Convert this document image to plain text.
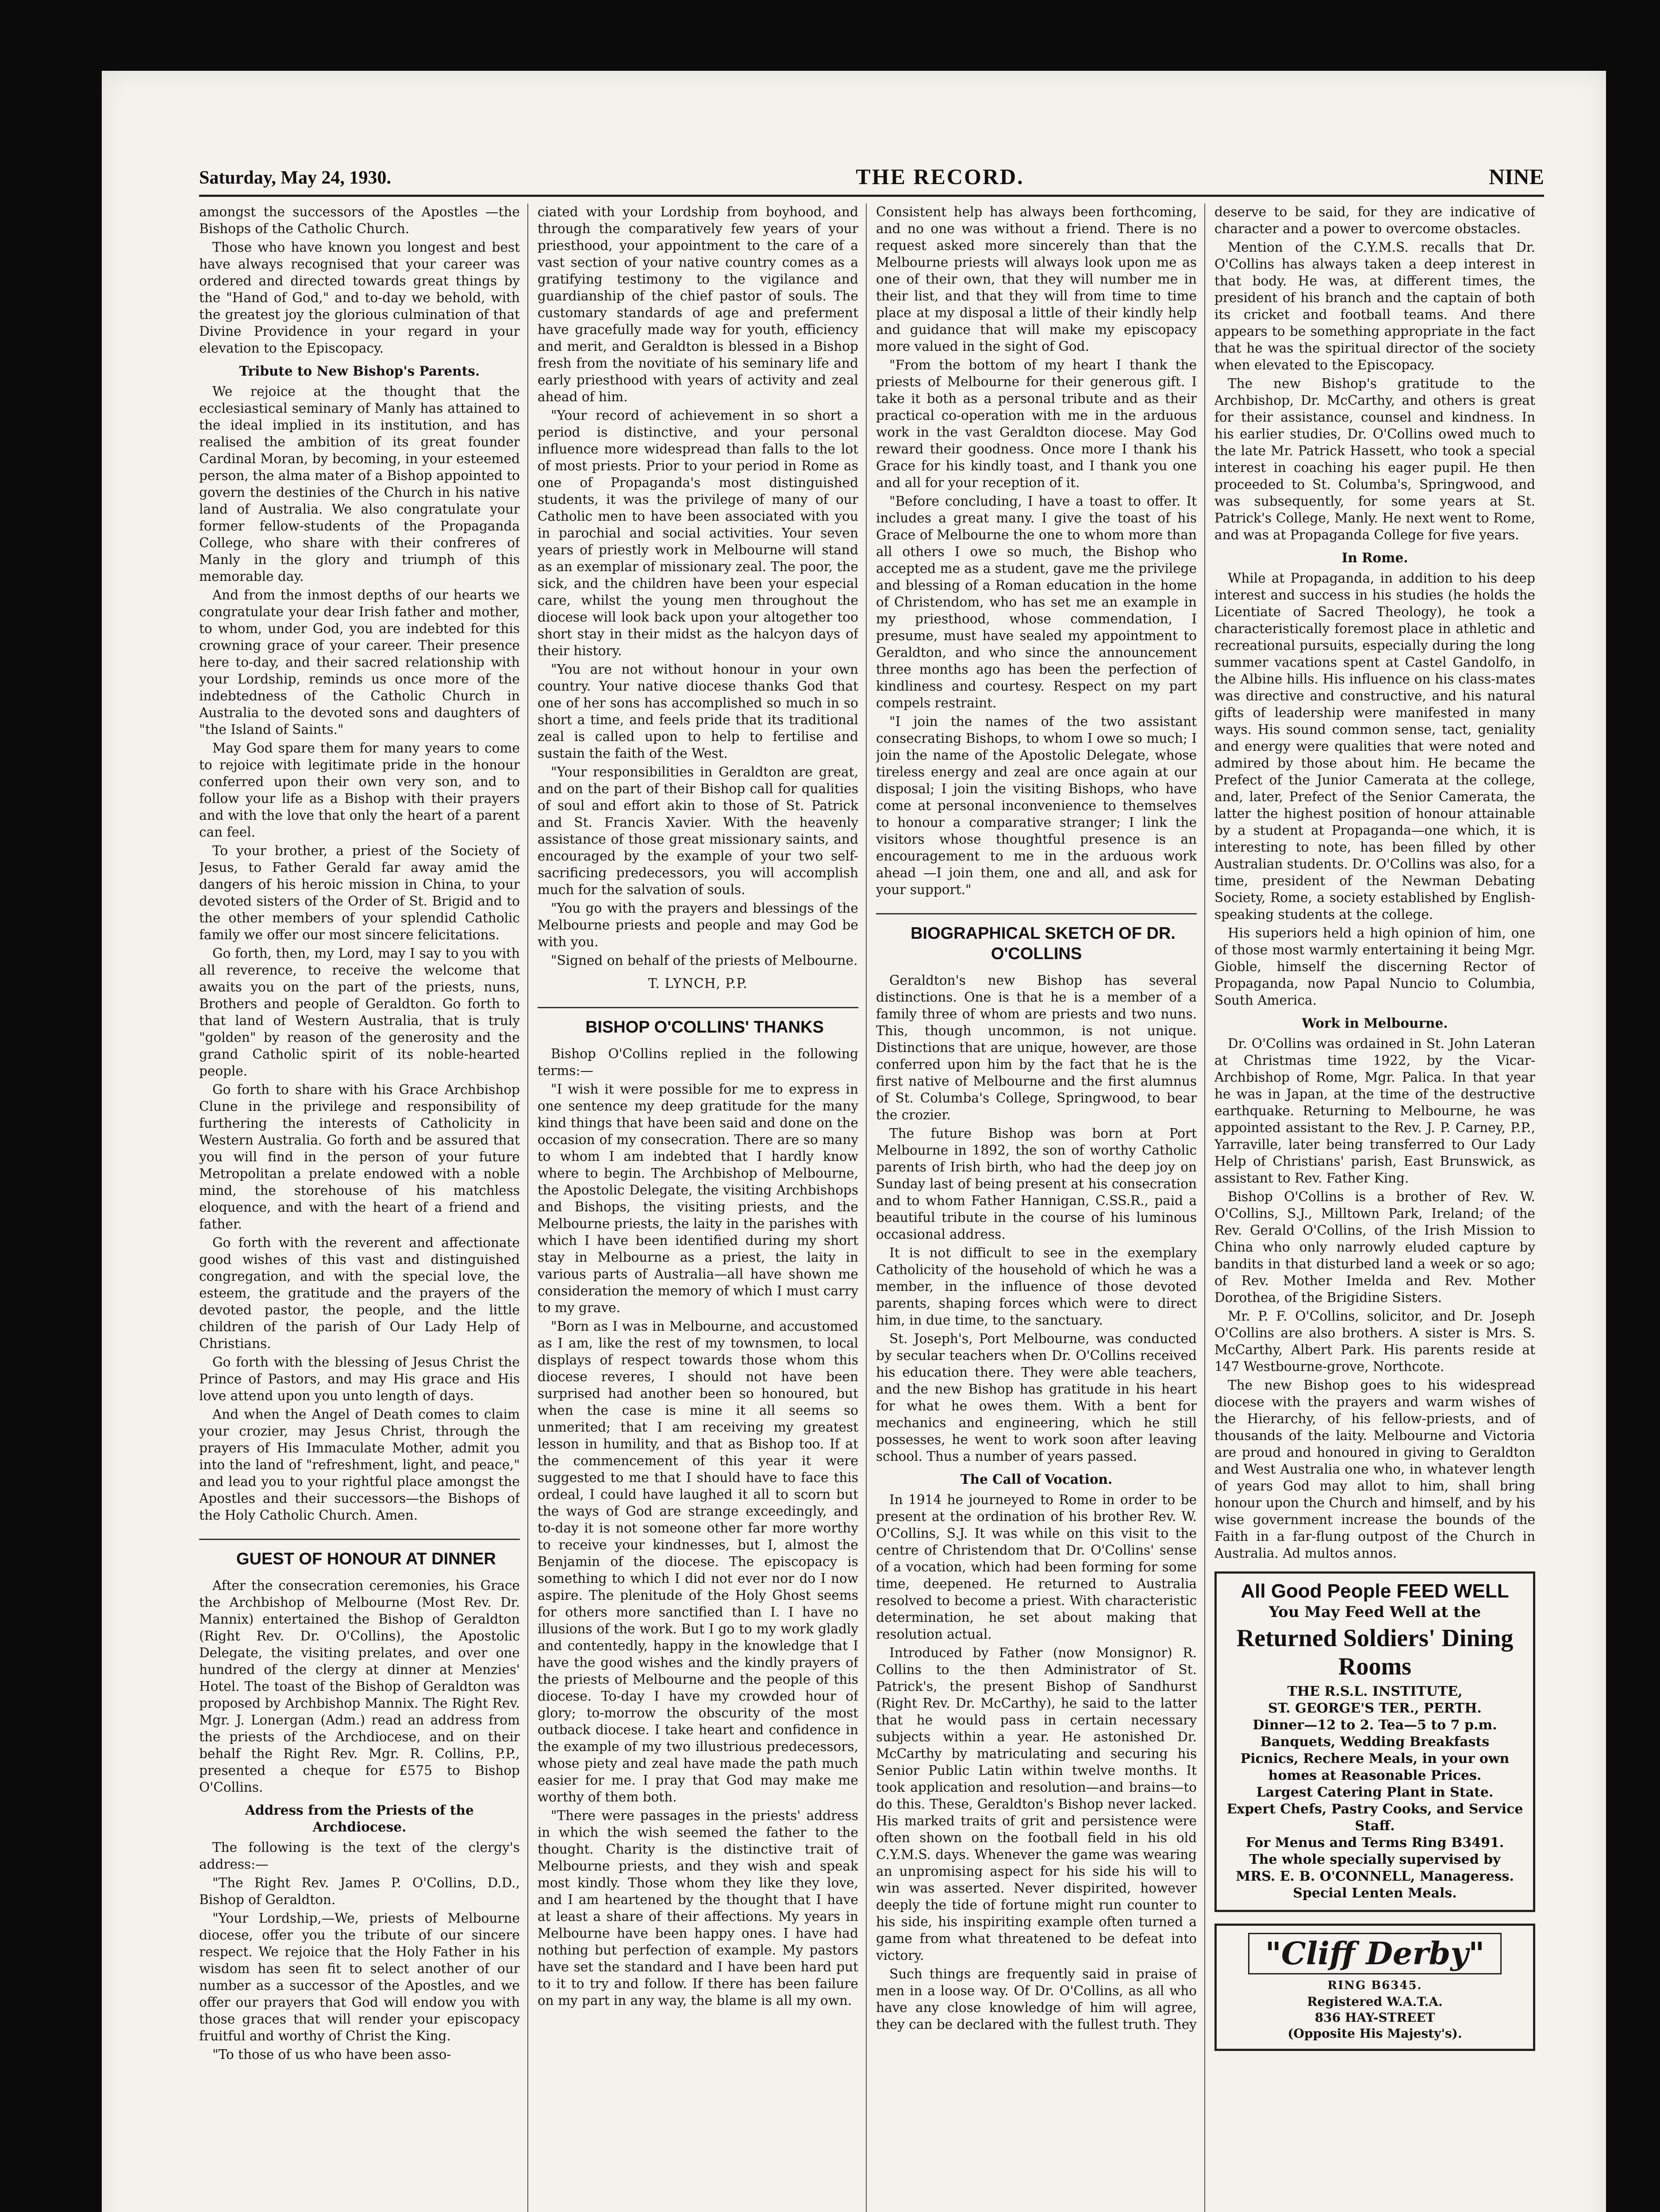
Saturday, May 24, 1930.	THE RECORD.	NINE

amongst the successors of the Apostles —the Bishops of the Catholic Church.

Those who have known you longest and best have always recognised that your career was ordered and directed towards great things by the "Hand of God," and to-day we behold, with the greatest joy the glorious culmination of that Divine Providence in your regard in your elevation to the Episcopacy.

Tribute to New Bishop's Parents.

We rejoice at the thought that the ecclesiastical seminary of Manly has attained to the ideal implied in its institution, and has realised the ambition of its great founder Cardinal Moran, by becoming, in your esteemed person, the alma mater of a Bishop appointed to govern the destinies of the Church in his native land of Australia. We also congratulate your former fellow-students of the Propaganda College, who share with their confreres of Manly in the glory and triumph of this memorable day.

And from the inmost depths of our hearts we congratulate your dear Irish father and mother, to whom, under God, you are indebted for this crowning grace of your career. Their presence here to-day, and their sacred relationship with your Lordship, reminds us once more of the indebtedness of the Catholic Church in Australia to the devoted sons and daughters of "the Island of Saints."

May God spare them for many years to come to rejoice with legitimate pride in the honour conferred upon their own very son, and to follow your life as a Bishop with their prayers and with the love that only the heart of a parent can feel.

To your brother, a priest of the Society of Jesus, to Father Gerald far away amid the dangers of his heroic mission in China, to your devoted sisters of the Order of St. Brigid and to the other members of your splendid Catholic family we offer our most sincere felicitations.

Go forth, then, my Lord, may I say to you with all reverence, to receive the welcome that awaits you on the part of the priests, nuns, Brothers and people of Geraldton. Go forth to that land of Western Australia, that is truly "golden" by reason of the generosity and the grand Catholic spirit of its noble-hearted people.

Go forth to share with his Grace Archbishop Clune in the privilege and responsibility of furthering the interests of Catholicity in Western Australia. Go forth and be assured that you will find in the person of your future Metropolitan a prelate endowed with a noble mind, the storehouse of his matchless eloquence, and with the heart of a friend and father.

Go forth with the reverent and affectionate good wishes of this vast and distinguished congregation, and with the special love, the esteem, the gratitude and the prayers of the devoted pastor, the people, and the little children of the parish of Our Lady Help of Christians.

Go forth with the blessing of Jesus Christ the Prince of Pastors, and may His grace and His love attend upon you unto length of days.

And when the Angel of Death comes to claim your crozier, may Jesus Christ, through the prayers of His Immaculate Mother, admit you into the land of "refreshment, light, and peace," and lead you to your rightful place amongst the Apostles and their successors—the Bishops of the Holy Catholic Church. Amen.

GUEST OF HONOUR AT DINNER

After the consecration ceremonies, his Grace the Archbishop of Melbourne (Most Rev. Dr. Mannix) entertained the Bishop of Geraldton (Right Rev. Dr. O'Collins), the Apostolic Delegate, the visiting prelates, and over one hundred of the clergy at dinner at Menzies' Hotel. The toast of the Bishop of Geraldton was proposed by Archbishop Mannix. The Right Rev. Mgr. J. Lonergan (Adm.) read an address from the priests of the Archdiocese, and on their behalf the Right Rev. Mgr. R. Collins, P.P., presented a cheque for £575 to Bishop O'Collins.

Address from the Priests of the Archdiocese.

The following is the text of the clergy's address:—

"The Right Rev. James P. O'Collins, D.D., Bishop of Geraldton.

"Your Lordship,—We, priests of Melbourne diocese, offer you the tribute of our sincere respect. We rejoice that the Holy Father in his wisdom has seen fit to select another of our number as a successor of the Apostles, and we offer our prayers that God will endow you with those graces that will render your episcopacy fruitful and worthy of Christ the King.

"To those of us who have been asso-

ciated with your Lordship from boyhood, and through the comparatively few years of your priesthood, your appointment to the care of a vast section of your native country comes as a gratifying testimony to the vigilance and guardianship of the chief pastor of souls. The customary standards of age and preferment have gracefully made way for youth, efficiency and merit, and Geraldton is blessed in a Bishop fresh from the novitiate of his seminary life and early priesthood with years of activity and zeal ahead of him.

"Your record of achievement in so short a period is distinctive, and your personal influence more widespread than falls to the lot of most priests. Prior to your period in Rome as one of Propaganda's most distinguished students, it was the privilege of many of our Catholic men to have been associated with you in parochial and social activities. Your seven years of priestly work in Melbourne will stand as an exemplar of missionary zeal. The poor, the sick, and the children have been your especial care, whilst the young men throughout the diocese will look back upon your altogether too short stay in their midst as the halcyon days of their history.

"You are not without honour in your own country. Your native diocese thanks God that one of her sons has accomplished so much in so short a time, and feels pride that its traditional zeal is called upon to help to fertilise and sustain the faith of the West.

"Your responsibilities in Geraldton are great, and on the part of their Bishop call for qualities of soul and effort akin to those of St. Patrick and St. Francis Xavier. With the heavenly assistance of those great missionary saints, and encouraged by the example of your two self-sacrificing predecessors, you will accomplish much for the salvation of souls.

"You go with the prayers and blessings of the Melbourne priests and people and may God be with you.

"Signed on behalf of the priests of Melbourne.

T. LYNCH, P.P.

BISHOP O'COLLINS' THANKS

Bishop O'Collins replied in the following terms:—

"I wish it were possible for me to express in one sentence my deep gratitude for the many kind things that have been said and done on the occasion of my consecration. There are so many to whom I am indebted that I hardly know where to begin. The Archbishop of Melbourne, the Apostolic Delegate, the visiting Archbishops and Bishops, the visiting priests, and the Melbourne priests, the laity in the parishes with which I have been identified during my short stay in Melbourne as a priest, the laity in various parts of Australia—all have shown me consideration the memory of which I must carry to my grave.

"Born as I was in Melbourne, and accustomed as I am, like the rest of my townsmen, to local displays of respect towards those whom this diocese reveres, I should not have been surprised had another been so honoured, but when the case is mine it all seems so unmerited; that I am receiving my greatest lesson in humility, and that as Bishop too. If at the commencement of this year it were suggested to me that I should have to face this ordeal, I could have laughed it all to scorn but the ways of God are strange exceedingly, and to-day it is not someone other far more worthy to receive your kindnesses, but I, almost the Benjamin of the diocese. The episcopacy is something to which I did not ever nor do I now aspire. The plenitude of the Holy Ghost seems for others more sanctified than I. I have no illusions of the work. But I go to my work gladly and contentedly, happy in the knowledge that I have the good wishes and the kindly prayers of the priests of Melbourne and the people of this diocese. To-day I have my crowded hour of glory; to-morrow the obscurity of the most outback diocese. I take heart and confidence in the example of my two illustrious predecessors, whose piety and zeal have made the path much easier for me. I pray that God may make me worthy of them both.

"There were passages in the priests' address in which the wish seemed the father to the thought. Charity is the distinctive trait of Melbourne priests, and they wish and speak most kindly. Those whom they like they love, and I am heartened by the thought that I have at least a share of their affections. My years in Melbourne have been happy ones. I have had nothing but perfection of example. My pastors have set the standard and I have been hard put to it to try and follow. If there has been failure on my part in any way, the blame is all my own.

Consistent help has always been forthcoming, and no one was without a friend. There is no request asked more sincerely than that the Melbourne priests will always look upon me as one of their own, that they will number me in their list, and that they will from time to time place at my disposal a little of their kindly help and guidance that will make my episcopacy more valued in the sight of God.

"From the bottom of my heart I thank the priests of Melbourne for their generous gift. I take it both as a personal tribute and as their practical co-operation with me in the arduous work in the vast Geraldton diocese. May God reward their goodness. Once more I thank his Grace for his kindly toast, and I thank you one and all for your reception of it.

"Before concluding, I have a toast to offer. It includes a great many. I give the toast of his Grace of Melbourne the one to whom more than all others I owe so much, the Bishop who accepted me as a student, gave me the privilege and blessing of a Roman education in the home of Christendom, who has set me an example in my priesthood, whose commendation, I presume, must have sealed my appointment to Geraldton, and who since the announcement three months ago has been the perfection of kindliness and courtesy. Respect on my part compels restraint.

"I join the names of the two assistant consecrating Bishops, to whom I owe so much; I join the name of the Apostolic Delegate, whose tireless energy and zeal are once again at our disposal; I join the visiting Bishops, who have come at personal inconvenience to themselves to honour a comparative stranger; I link the visitors whose thoughtful presence is an encouragement to me in the arduous work ahead —I join them, one and all, and ask for your support."

BIOGRAPHICAL SKETCH OF DR. O'COLLINS

Geraldton's new Bishop has several distinctions. One is that he is a member of a family three of whom are priests and two nuns. This, though uncommon, is not unique. Distinctions that are unique, however, are those conferred upon him by the fact that he is the first native of Melbourne and the first alumnus of St. Columba's College, Springwood, to bear the crozier.

The future Bishop was born at Port Melbourne in 1892, the son of worthy Catholic parents of Irish birth, who had the deep joy on Sunday last of being present at his consecration and to whom Father Hannigan, C.SS.R., paid a beautiful tribute in the course of his luminous occasional address.

It is not difficult to see in the exemplary Catholicity of the household of which he was a member, in the influence of those devoted parents, shaping forces which were to direct him, in due time, to the sanctuary.

St. Joseph's, Port Melbourne, was conducted by secular teachers when Dr. O'Collins received his education there. They were able teachers, and the new Bishop has gratitude in his heart for what he owes them. With a bent for mechanics and engineering, which he still possesses, he went to work soon after leaving school. Thus a number of years passed.

The Call of Vocation.

In 1914 he journeyed to Rome in order to be present at the ordination of his brother Rev. W. O'Collins, S.J. It was while on this visit to the centre of Christendom that Dr. O'Collins' sense of a vocation, which had been forming for some time, deepened. He returned to Australia resolved to become a priest. With characteristic determination, he set about making that resolution actual.

Introduced by Father (now Monsignor) R. Collins to the then Administrator of St. Patrick's, the present Bishop of Sandhurst (Right Rev. Dr. McCarthy), he said to the latter that he would pass in certain necessary subjects within a year. He astonished Dr. McCarthy by matriculating and securing his Senior Public Latin within twelve months. It took application and resolution—and brains—to do this. These, Geraldton's Bishop never lacked. His marked traits of grit and persistence were often shown on the football field in his old C.Y.M.S. days. Whenever the game was wearing an unpromising aspect for his side his will to win was asserted. Never dispirited, however deeply the tide of fortune might run counter to his side, his inspiriting example often turned a game from what threatened to be defeat into victory.

Such things are frequently said in praise of men in a loose way. Of Dr. O'Collins, as all who have any close knowledge of him will agree, they can be declared with the fullest truth. They

deserve to be said, for they are indicative of character and a power to overcome obstacles.

Mention of the C.Y.M.S. recalls that Dr. O'Collins has always taken a deep interest in that body. He was, at different times, the president of his branch and the captain of both its cricket and football teams. And there appears to be something appropriate in the fact that he was the spiritual director of the society when elevated to the Episcopacy.

The new Bishop's gratitude to the Archbishop, Dr. McCarthy, and others is great for their assistance, counsel and kindness. In his earlier studies, Dr. O'Collins owed much to the late Mr. Patrick Hassett, who took a special interest in coaching his eager pupil. He then proceeded to St. Columba's, Springwood, and was subsequently, for some years at St. Patrick's College, Manly. He next went to Rome, and was at Propaganda College for five years.

In Rome.

While at Propaganda, in addition to his deep interest and success in his studies (he holds the Licentiate of Sacred Theology), he took a characteristically foremost place in athletic and recreational pursuits, especially during the long summer vacations spent at Castel Gandolfo, in the Albine hills. His influence on his class-mates was directive and constructive, and his natural gifts of leadership were manifested in many ways. His sound common sense, tact, geniality and energy were qualities that were noted and admired by those about him. He became the Prefect of the Junior Camerata at the college, and, later, Prefect of the Senior Camerata, the latter the highest position of honour attainable by a student at Propaganda—one which, it is interesting to note, has been filled by other Australian students. Dr. O'Collins was also, for a time, president of the Newman Debating Society, Rome, a society established by English-speaking students at the college.

His superiors held a high opinion of him, one of those most warmly entertaining it being Mgr. Gioble, himself the discerning Rector of Propaganda, now Papal Nuncio to Columbia, South America.

Work in Melbourne.

Dr. O'Collins was ordained in St. John Lateran at Christmas time 1922, by the Vicar-Archbishop of Rome, Mgr. Palica. In that year he was in Japan, at the time of the destructive earthquake. Returning to Melbourne, he was appointed assistant to the Rev. J. P. Carney, P.P., Yarraville, later being transferred to Our Lady Help of Christians' parish, East Brunswick, as assistant to Rev. Father King.

Bishop O'Collins is a brother of Rev. W. O'Collins, S.J., Milltown Park, Ireland; of the Rev. Gerald O'Collins, of the Irish Mission to China who only narrowly eluded capture by bandits in that disturbed land a week or so ago; of Rev. Mother Imelda and Rev. Mother Dorothea, of the Brigidine Sisters.

Mr. P. F. O'Collins, solicitor, and Dr. Joseph O'Collins are also brothers. A sister is Mrs. S. McCarthy, Albert Park. His parents reside at 147 Westbourne-grove, Northcote.

The new Bishop goes to his widespread diocese with the prayers and warm wishes of the Hierarchy, of his fellow-priests, and of thousands of the laity. Melbourne and Victoria are proud and honoured in giving to Geraldton and West Australia one who, in whatever length of years God may allot to him, shall bring honour upon the Church and himself, and by his wise government increase the bounds of the Faith in a far-flung outpost of the Church in Australia. Ad multos annos.

All Good People FEED WELL
You May Feed Well at the
Returned Soldiers' Dining Rooms
THE R.S.L. INSTITUTE,
ST. GEORGE'S TER., PERTH.
Dinner—12 to 2. Tea—5 to 7 p.m.
Banquets, Wedding Breakfasts
Picnics, Rechere Meals, in your own homes at Reasonable Prices.
Largest Catering Plant in State.
Expert Chefs, Pastry Cooks, and Service Staff.
For Menus and Terms Ring B3491.
The whole specially supervised by
MRS. E. B. O'CONNELL, Manageress.
Special Lenten Meals.
"Cliff Derby"
RING B6345.
Registered W.A.T.A.
836 HAY-STREET
(Opposite His Majesty's).
